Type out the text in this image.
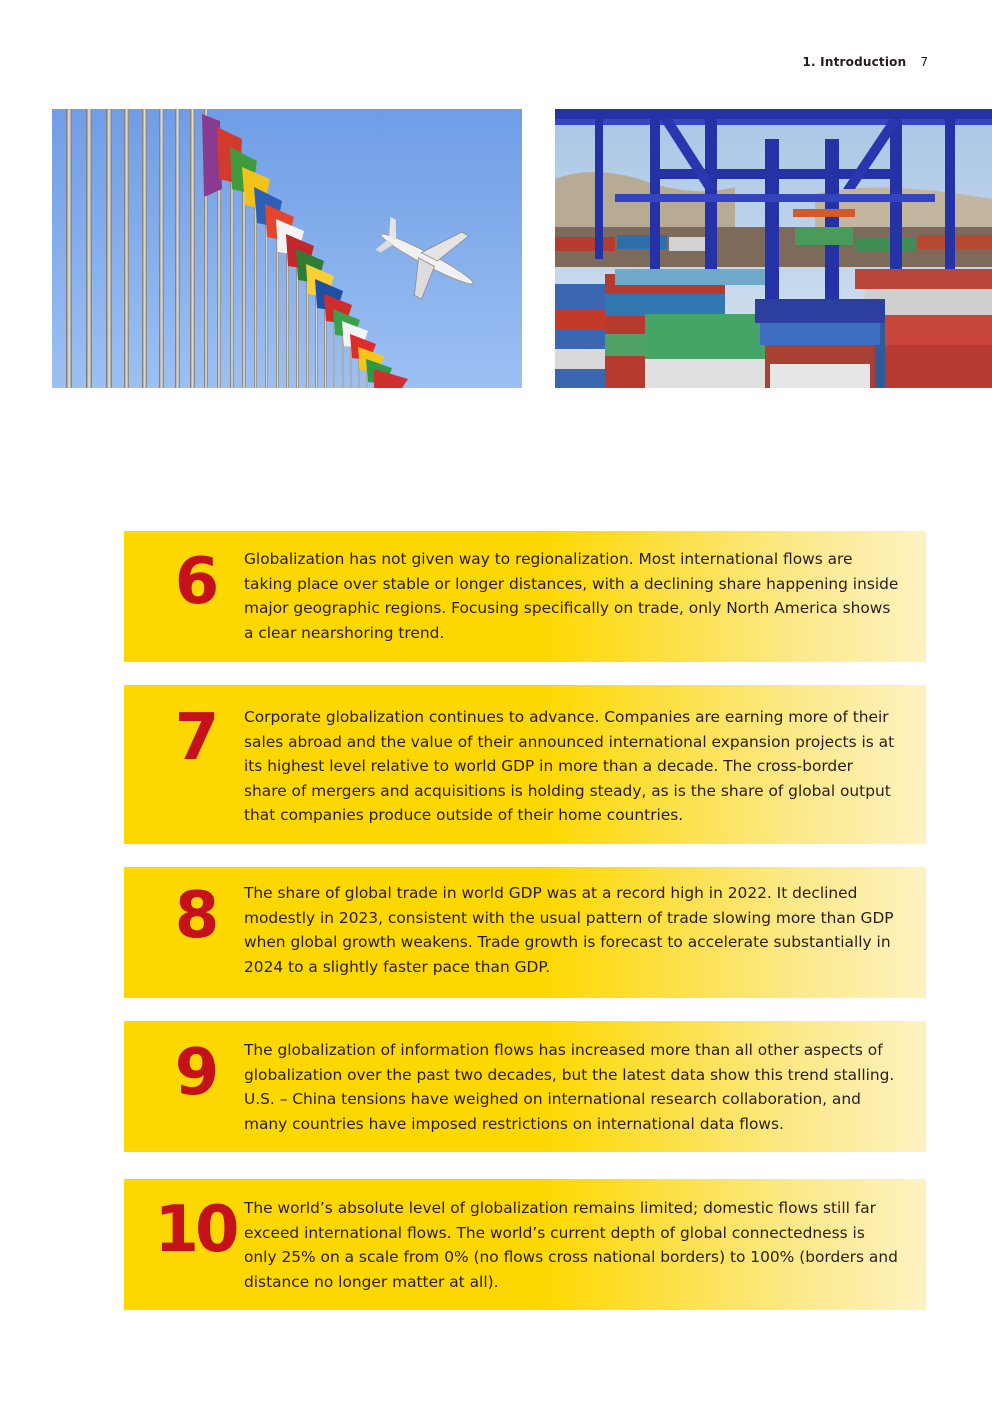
1. Introduction 7
6	Globalization has not given way to regionalization. Most international flows are taking place over stable or longer distances, with a declining share happening inside major geographic regions. Focusing specifically on trade, only North America shows a clear nearshoring trend.
7	Corporate globalization continues to advance. Companies are earning more of their sales abroad and the value of their announced international expansion projects is at its highest level relative to world GDP in more than a decade. The cross-border share of mergers and acquisitions is holding steady, as is the share of global output that companies produce outside of their home countries.
8	The share of global trade in world GDP was at a record high in 2022. It declined modestly in 2023, consistent with the usual pattern of trade slowing more than GDP when global growth weakens. Trade growth is forecast to accelerate substantially in 2024 to a slightly faster pace than GDP.
9	The globalization of information flows has increased more than all other aspects of globalization over the past two decades, but the latest data show this trend stalling. U.S. – China tensions have weighed on international research collaboration, and many countries have imposed restrictions on international data flows.
10 The world’s absolute level of globalization remains limited; domestic flows still far exceed international flows. The world’s current depth of global connectedness is only 25% on a scale from 0% (no flows cross national borders) to 100% (borders and distance no longer matter at all).
